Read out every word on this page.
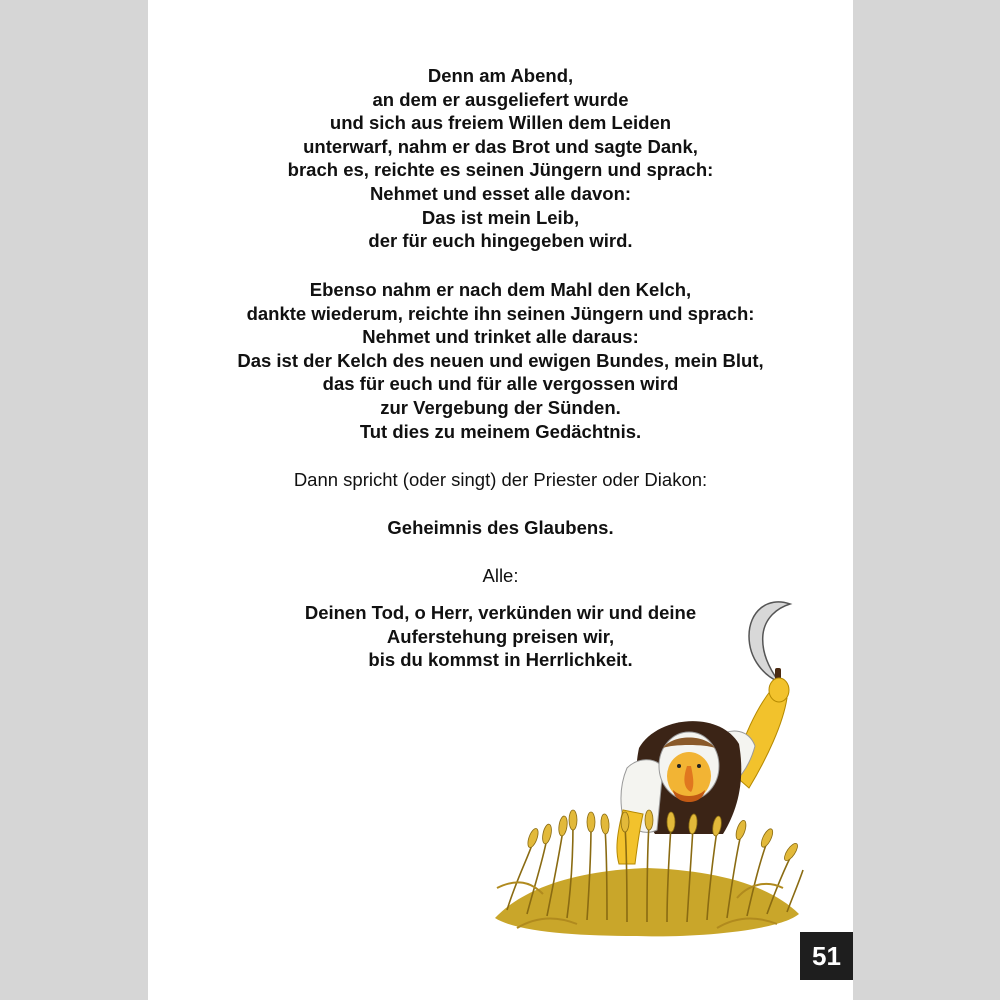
Denn am Abend,
an dem er ausgeliefert wurde
und sich aus freiem Willen dem Leiden
unterwarf, nahm er das Brot und sagte Dank,
brach es, reichte es seinen Jüngern und sprach:
Nehmet und esset alle davon:
Das ist mein Leib,
der für euch hingegeben wird.
Ebenso nahm er nach dem Mahl den Kelch,
dankte wiederum, reichte ihn seinen Jüngern und sprach:
Nehmet und trinket alle daraus:
Das ist der Kelch des neuen und ewigen Bundes, mein Blut,
das für euch und für alle vergossen wird
zur Vergebung der Sünden.
Tut dies zu meinem Gedächtnis.
Dann spricht (oder singt) der Priester oder Diakon:
Geheimnis des Glaubens.
Alle:
Deinen Tod, o Herr, verkünden wir und deine
Auferstehung preisen wir,
bis du kommst in Herrlichkeit.
51
